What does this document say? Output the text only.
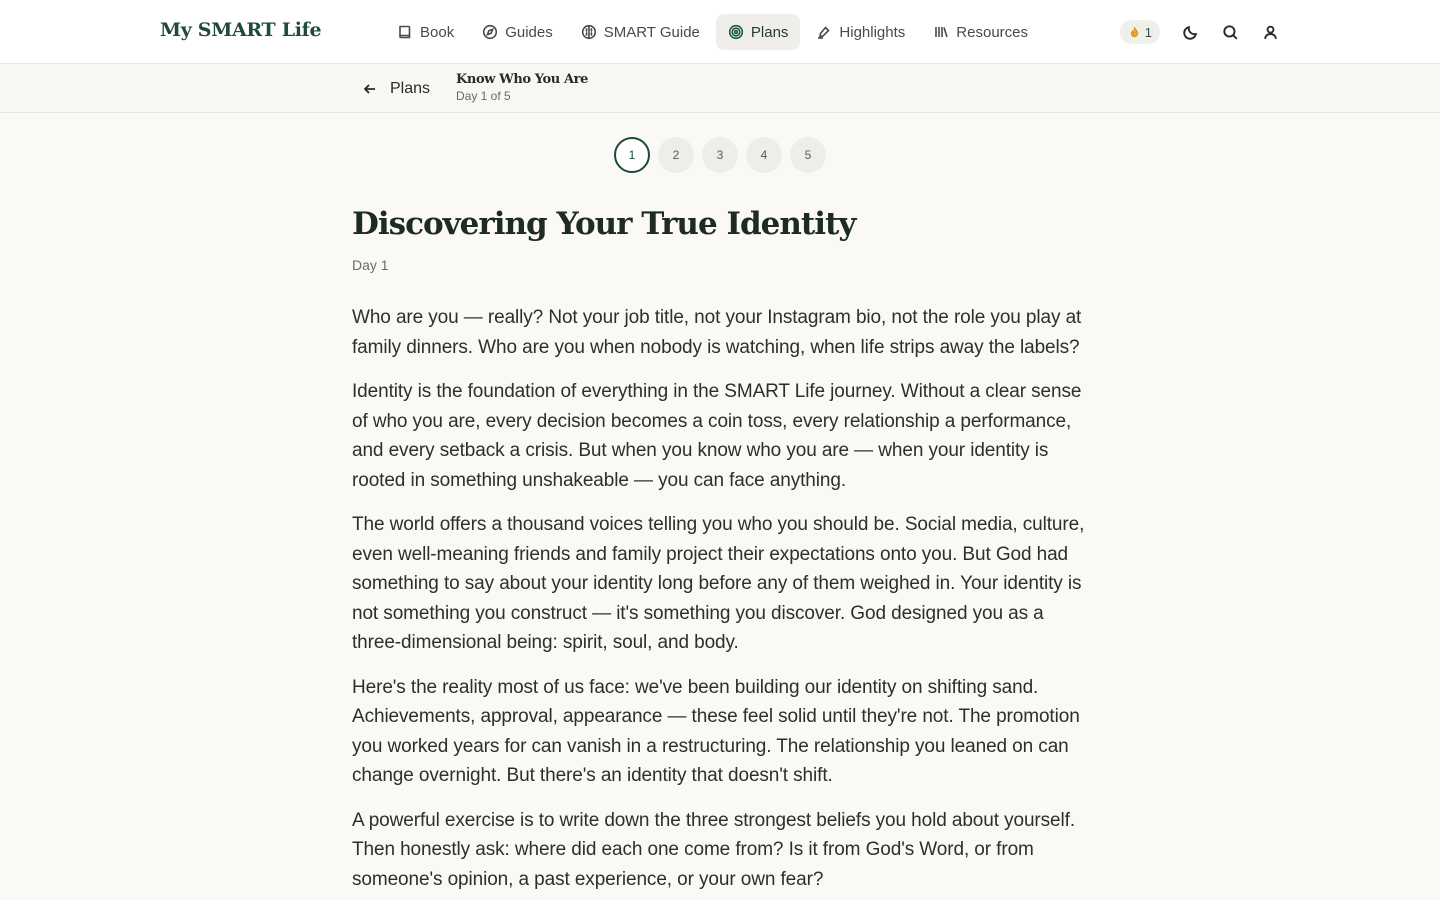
My SMART Life	Book	Guides	SMART Guide	Plans	Highlights	Resources	1
Plans
Know Who You Are
Day 1 of 5
1	2	3	4	5
Discovering Your True Identity
Day 1

Who are you — really? Not your job title, not your Instagram bio, not the role you play at family dinners. Who are you when nobody is watching, when life strips away the labels?

Identity is the foundation of everything in the SMART Life journey. Without a clear sense of who you are, every decision becomes a coin toss, every relationship a performance, and every setback a crisis. But when you know who you are — when your identity is rooted in something unshakeable — you can face anything.

The world offers a thousand voices telling you who you should be. Social media, culture, even well-meaning friends and family project their expectations onto you. But God had something to say about your identity long before any of them weighed in. Your identity is not something you construct — it's something you discover. God designed you as a three-dimensional being: spirit, soul, and body.

Here's the reality most of us face: we've been building our identity on shifting sand. Achievements, approval, appearance — these feel solid until they're not. The promotion you worked years for can vanish in a restructuring. The relationship you leaned on can change overnight. But there's an identity that doesn't shift.

A powerful exercise is to write down the three strongest beliefs you hold about yourself. Then honestly ask: where did each one come from? Is it from God's Word, or from someone's opinion, a past experience, or your own fear?
